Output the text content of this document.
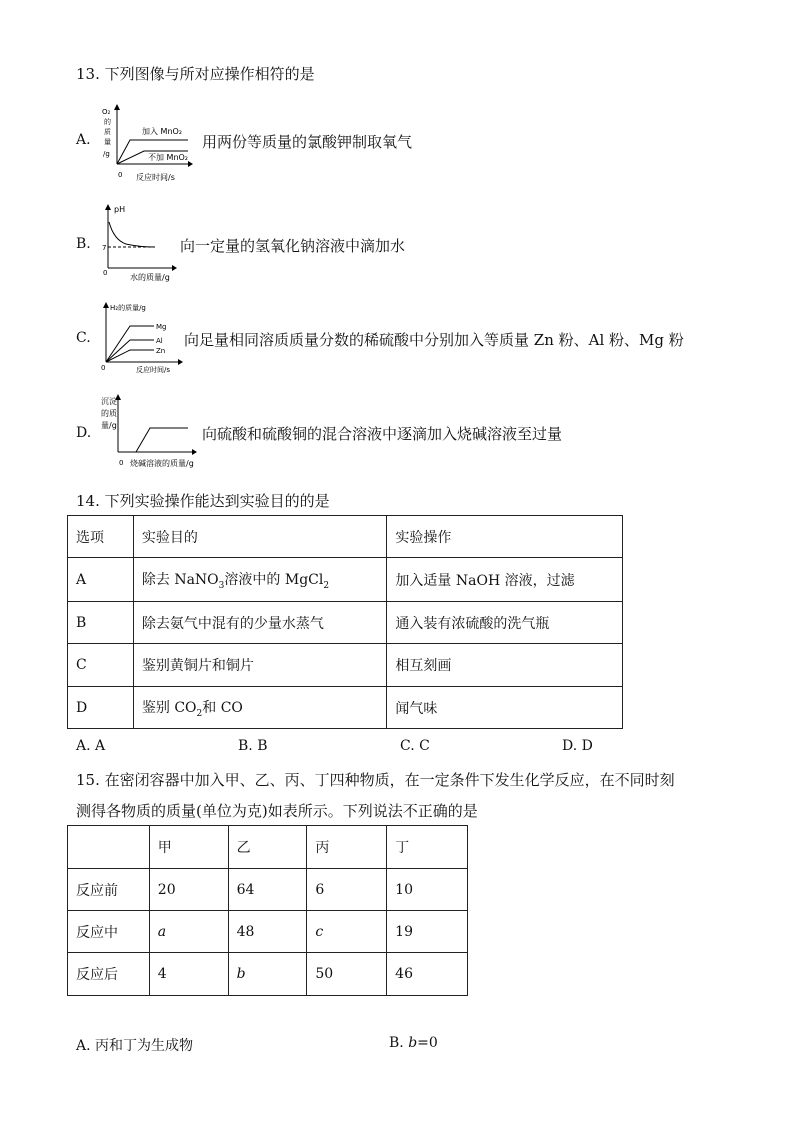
13. 下列图像与所对应操作相符的是
A.
O₂
的
质
量
/g
0 反应时间/s
加入 MnO₂
不加 MnO₂
用两份等质量的氯酸钾制取氧气
B.
pH
7
0	水的质量/g
向一定量的氢氧化钠溶液中滴加水
C.
H₂的质量/g
Mg
Al
Zn
0	反应时间/s
向足量相同溶质质量分数的稀硫酸中分别加入等质量 Zn 粉、Al 粉、Mg 粉
D.
沉淀
的质
量/g
0 烧碱溶液的质量/g
向硫酸和硫酸铜的混合溶液中逐滴加入烧碱溶液至过量
14. 下列实验操作能达到实验目的的是
选项	实验目的	实验操作
A	除去 NaNO$_3$溶液中的 MgCl$_2$	加入适量 NaOH 溶液，过滤
B	除去氨气中混有的少量水蒸气	通入装有浓硫酸的洗气瓶
C	鉴别黄铜片和铜片	相互刻画
D	鉴别 $CO_2$和 CO	闻气味
A. A	B. B	C. C	D. D
15. 在密闭容器中加入甲、乙、丙、丁四种物质，在一定条件下发生化学反应，在不同时刻
测得各物质的质量(单位为克)如表所示。下列说法不正确的是
	甲	乙	丙	丁
反应前	20	64	6	10
反应中	a	48	c	19
反应后	4	b	50	46
A. 丙和丁为生成物	B. b=0
